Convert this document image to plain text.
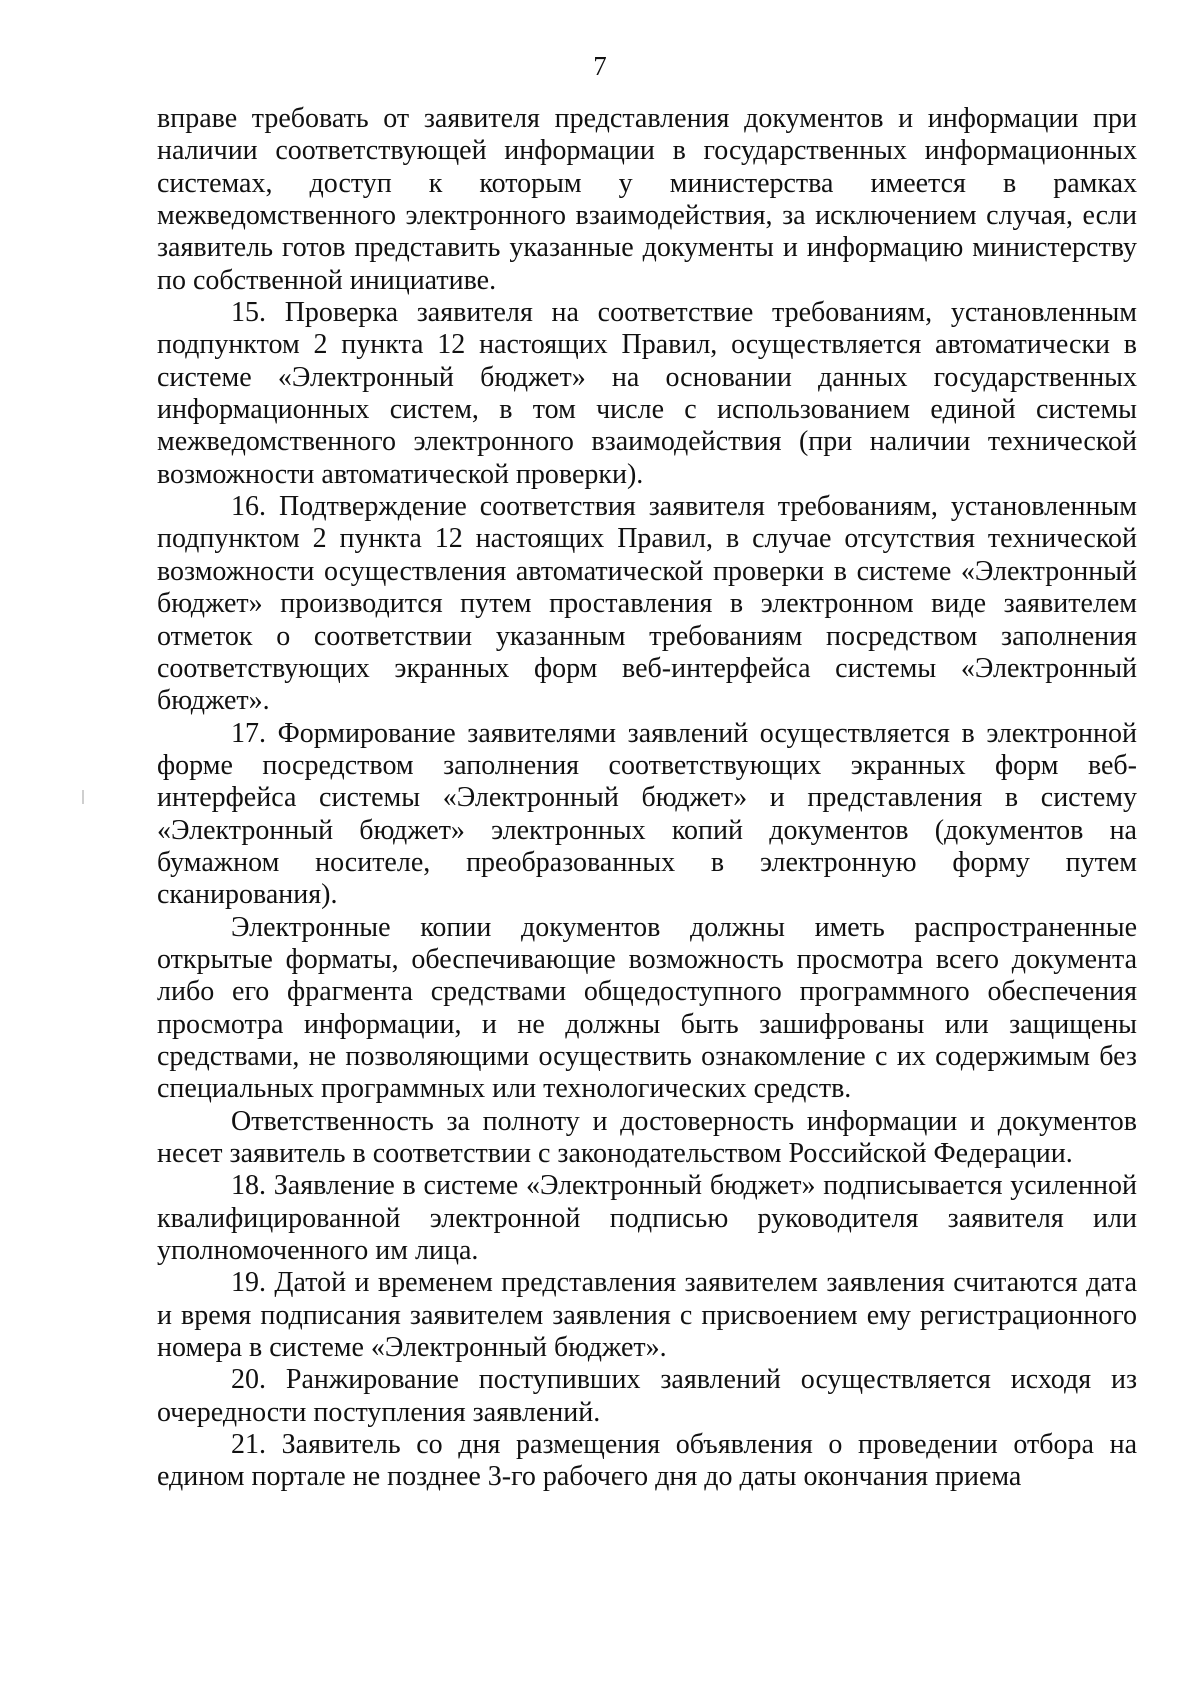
7

вправе требовать от заявителя представления документов и информации при наличии соответствующей информации в государственных информационных системах, доступ к которым у министерства имеется в рамках межведомственного электронного взаимодействия, за исключением случая, если заявитель готов представить указанные документы и информацию министерству по собственной инициативе.

15. Проверка заявителя на соответствие требованиям, установленным подпунктом 2 пункта 12 настоящих Правил, осуществляется автоматически в системе «Электронный бюджет» на основании данных государственных информационных систем, в том числе с использованием единой системы межведомственного электронного взаимодействия (при наличии технической возможности автоматической проверки).

16. Подтверждение соответствия заявителя требованиям, установленным подпунктом 2 пункта 12 настоящих Правил, в случае отсутствия технической возможности осуществления автоматической проверки в системе «Электронный бюджет» производится путем проставления в электронном виде заявителем отметок о соответствии указанным требованиям посредством заполнения соответствующих экранных форм веб-интерфейса системы «Электронный бюджет».

17. Формирование заявителями заявлений осуществляется в электронной форме посредством заполнения соответствующих экранных форм веб-интерфейса системы «Электронный бюджет» и представления в систему «Электронный бюджет» электронных копий документов (документов на бумажном носителе, преобразованных в электронную форму путем сканирования).

Электронные копии документов должны иметь распространенные открытые форматы, обеспечивающие возможность просмотра всего документа либо его фрагмента средствами общедоступного программного обеспечения просмотра информации, и не должны быть зашифрованы или защищены средствами, не позволяющими осуществить ознакомление с их содержимым без специальных программных или технологических средств.

Ответственность за полноту и достоверность информации и документов несет заявитель в соответствии с законодательством Российской Федерации.

18. Заявление в системе «Электронный бюджет» подписывается усиленной квалифицированной электронной подписью руководителя заявителя или уполномоченного им лица.

19. Датой и временем представления заявителем заявления считаются дата и время подписания заявителем заявления с присвоением ему регистрационного номера в системе «Электронный бюджет».

20. Ранжирование поступивших заявлений осуществляется исходя из очередности поступления заявлений.

21. Заявитель со дня размещения объявления о проведении отбора на едином портале не позднее 3-го рабочего дня до даты окончания приема
